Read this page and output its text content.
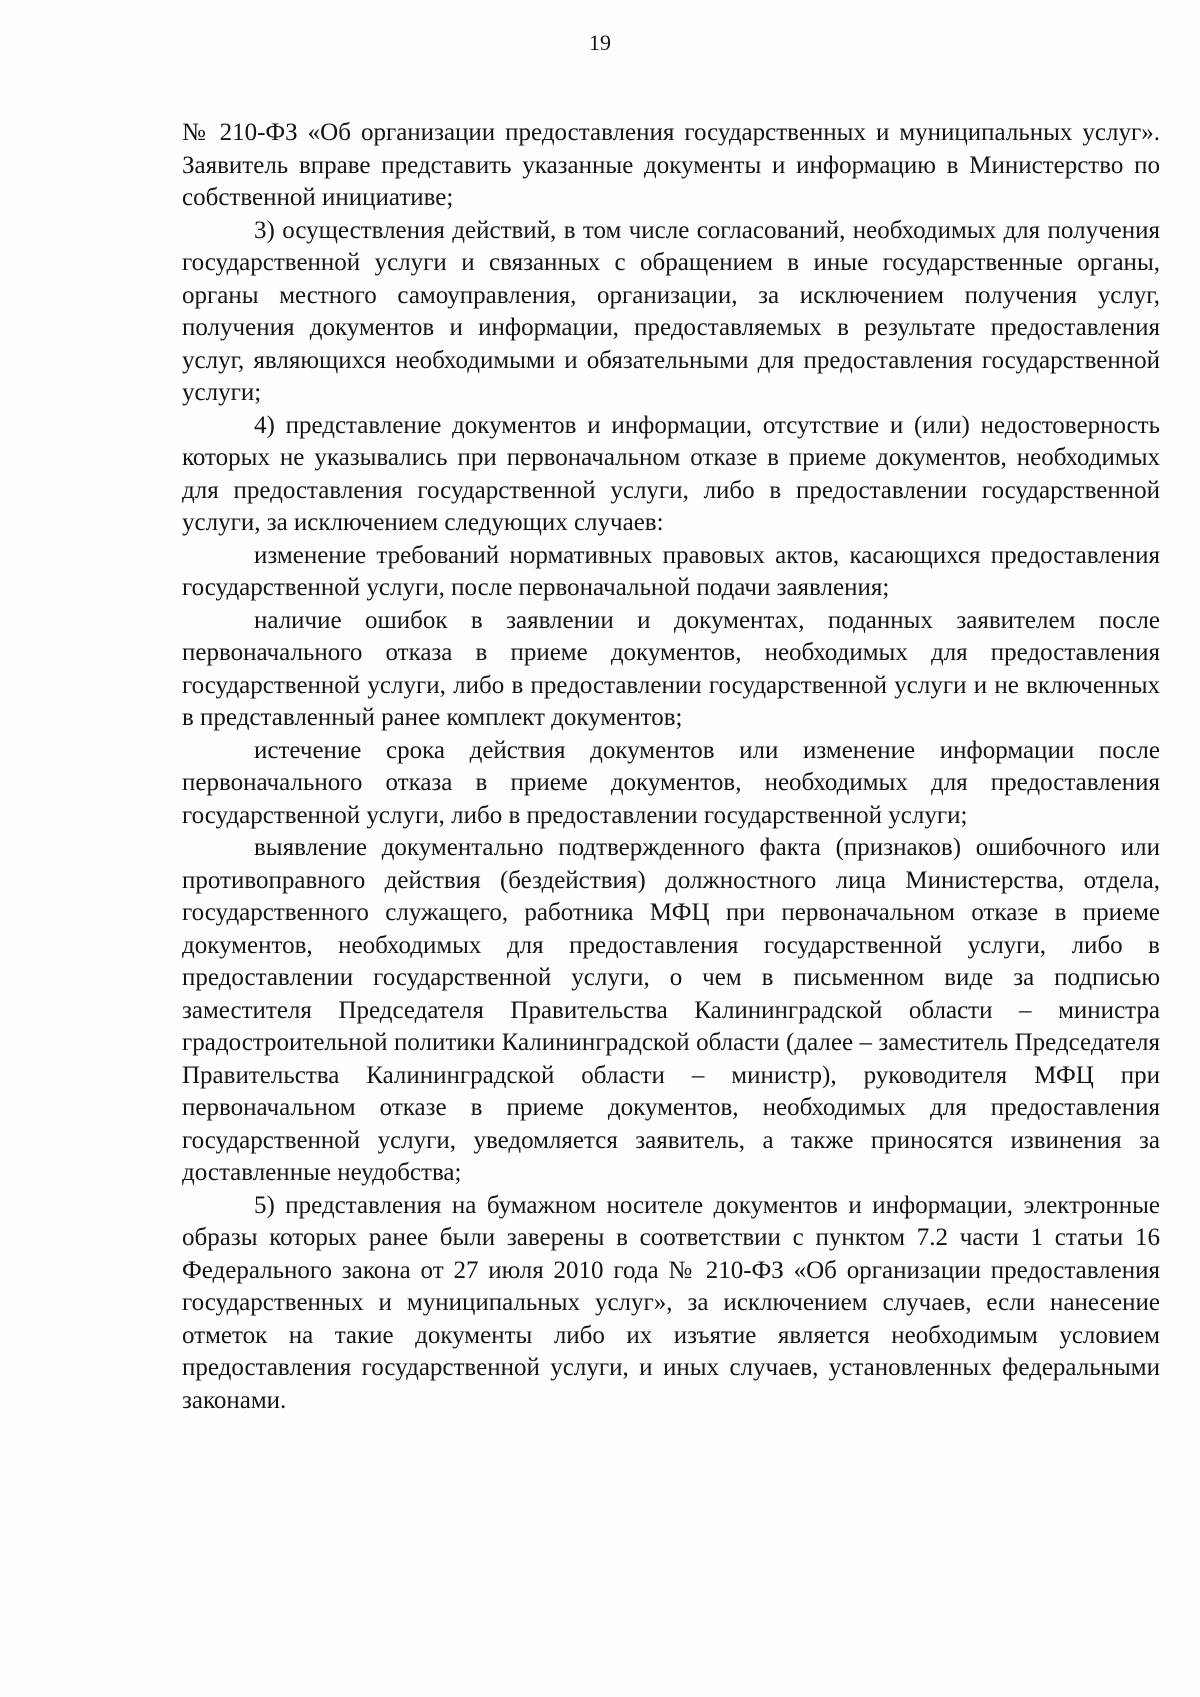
19

№ 210-ФЗ «Об организации предоставления государственных и муниципальных услуг». Заявитель вправе представить указанные документы и информацию в Министерство по собственной инициативе;

3) осуществления действий, в том числе согласований, необходимых для получения государственной услуги и связанных с обращением в иные государственные органы, органы местного самоуправления, организации, за исключением получения услуг, получения документов и информации, предоставляемых в результате предоставления услуг, являющихся необходимыми и обязательными для предоставления государственной услуги;

4) представление документов и информации, отсутствие и (или) недостоверность которых не указывались при первоначальном отказе в приеме документов, необходимых для предоставления государственной услуги, либо в предоставлении государственной услуги, за исключением следующих случаев:

изменение требований нормативных правовых актов, касающихся предоставления государственной услуги, после первоначальной подачи заявления;

наличие ошибок в заявлении и документах, поданных заявителем после первоначального отказа в приеме документов, необходимых для предоставления государственной услуги, либо в предоставлении государственной услуги и не включенных в представленный ранее комплект документов;

истечение срока действия документов или изменение информации после первоначального отказа в приеме документов, необходимых для предоставления государственной услуги, либо в предоставлении государственной услуги;

выявление документально подтвержденного факта (признаков) ошибочного или противоправного действия (бездействия) должностного лица Министерства, отдела, государственного служащего, работника МФЦ при первоначальном отказе в приеме документов, необходимых для предоставления государственной услуги, либо в предоставлении государственной услуги, о чем в письменном виде за подписью заместителя Председателя Правительства Калининградской области – министра градостроительной политики Калининградской области (далее – заместитель Председателя Правительства Калининградской области – министр), руководителя МФЦ при первоначальном отказе в приеме документов, необходимых для предоставления государственной услуги, уведомляется заявитель, а также приносятся извинения за доставленные неудобства;

5) представления на бумажном носителе документов и информации, электронные образы которых ранее были заверены в соответствии с пунктом 7.2 части 1 статьи 16 Федерального закона от 27 июля 2010 года № 210-ФЗ «Об организации предоставления государственных и муниципальных услуг», за исключением случаев, если нанесение отметок на такие документы либо их изъятие является необходимым условием предоставления государственной услуги, и иных случаев, установленных федеральными законами.
